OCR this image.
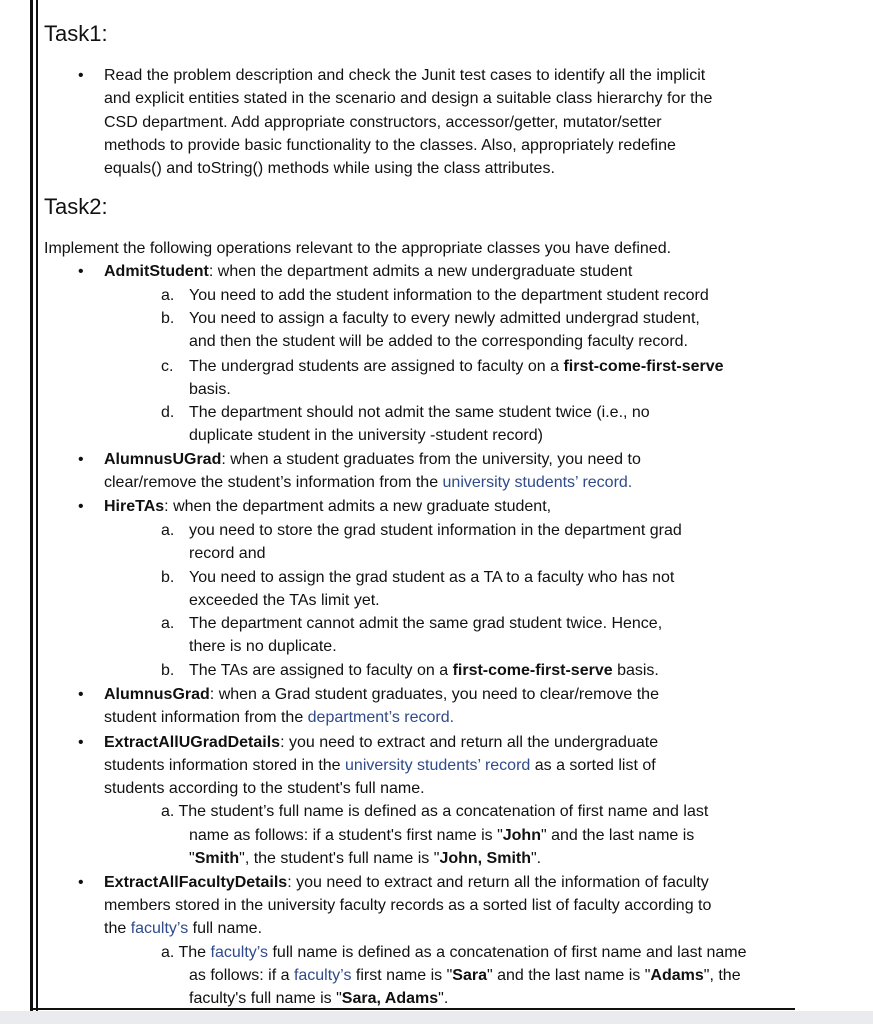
Task1:
• Read the problem description and check the Junit test cases to identify all the implicit
and explicit entities stated in the scenario and design a suitable class hierarchy for the
CSD department. Add appropriate constructors, accessor/getter, mutator/setter
methods to provide basic functionality to the classes. Also, appropriately redefine
equals() and toString() methods while using the class attributes.
Task2:
Implement the following operations relevant to the appropriate classes you have defined.
• AdmitStudent: when the department admits a new undergraduate student
a. You need to add the student information to the department student record
b. You need to assign a faculty to every newly admitted undergrad student,
and then the student will be added to the corresponding faculty record.
c. The undergrad students are assigned to faculty on a first-come-first-serve
basis.
d. The department should not admit the same student twice (i.e., no
duplicate student in the university -student record)
• AlumnusUGrad: when a student graduates from the university, you need to
clear/remove the student’s information from the university students’ record.
• HireTAs: when the department admits a new graduate student,
a. you need to store the grad student information in the department grad
record and
b. You need to assign the grad student as a TA to a faculty who has not
exceeded the TAs limit yet.
a. The department cannot admit the same grad student twice. Hence,
there is no duplicate.
b. The TAs are assigned to faculty on a first-come-first-serve basis.
• AlumnusGrad: when a Grad student graduates, you need to clear/remove the
student information from the department’s record.
• ExtractAllUGradDetails: you need to extract and return all the undergraduate
students information stored in the university students’ record as a sorted list of
students according to the student's full name.
a. The student’s full name is defined as a concatenation of first name and last
name as follows: if a student's first name is "John" and the last name is
"Smith", the student's full name is "John, Smith".
• ExtractAllFacultyDetails: you need to extract and return all the information of faculty
members stored in the university faculty records as a sorted list of faculty according to
the faculty’s full name.
a. The faculty’s full name is defined as a concatenation of first name and last name
as follows: if a faculty’s first name is "Sara" and the last name is "Adams", the
faculty's full name is "Sara, Adams".
